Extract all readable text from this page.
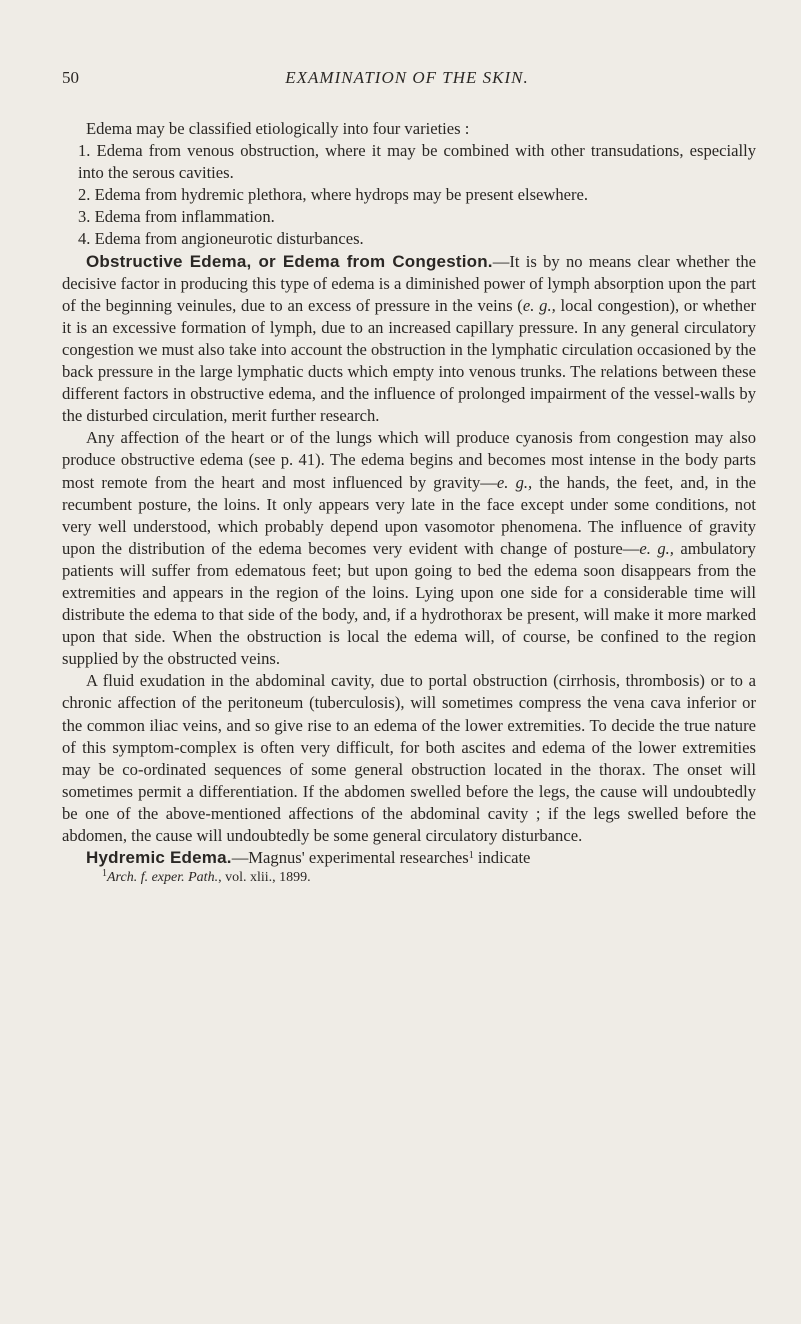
50	EXAMINATION OF THE SKIN.

Edema may be classified etiologically into four varieties :

1. Edema from venous obstruction, where it may be combined with other transudations, especially into the serous cavities.

2. Edema from hydremic plethora, where hydrops may be present elsewhere.

3. Edema from inflammation.

4. Edema from angioneurotic disturbances.

Obstructive Edema, or Edema from Congestion.—It is by no means clear whether the decisive factor in producing this type of edema is a diminished power of lymph absorption upon the part of the beginning veinules, due to an excess of pressure in the veins (e. g., local congestion), or whether it is an excessive formation of lymph, due to an increased capillary pressure. In any general circulatory congestion we must also take into account the obstruction in the lymphatic circulation occasioned by the back pressure in the large lymphatic ducts which empty into venous trunks. The relations between these different factors in obstructive edema, and the influence of prolonged impairment of the vessel-walls by the disturbed circulation, merit further research.

Any affection of the heart or of the lungs which will produce cyanosis from congestion may also produce obstructive edema (see p. 41). The edema begins and becomes most intense in the body parts most remote from the heart and most influenced by gravity—e. g., the hands, the feet, and, in the recumbent posture, the loins. It only appears very late in the face except under some conditions, not very well understood, which probably depend upon vasomotor phenomena. The influence of gravity upon the distribution of the edema becomes very evident with change of posture—e. g., ambulatory patients will suffer from edematous feet; but upon going to bed the edema soon disappears from the extremities and appears in the region of the loins. Lying upon one side for a considerable time will distribute the edema to that side of the body, and, if a hydrothorax be present, will make it more marked upon that side. When the obstruction is local the edema will, of course, be confined to the region supplied by the obstructed veins.

A fluid exudation in the abdominal cavity, due to portal obstruction (cirrhosis, thrombosis) or to a chronic affection of the peritoneum (tuberculosis), will sometimes compress the vena cava inferior or the common iliac veins, and so give rise to an edema of the lower extremities. To decide the true nature of this symptom-complex is often very difficult, for both ascites and edema of the lower extremities may be co-ordinated sequences of some general obstruction located in the thorax. The onset will sometimes permit a differentiation. If the abdomen swelled before the legs, the cause will undoubtedly be one of the above-mentioned affections of the abdominal cavity ; if the legs swelled before the abdomen, the cause will undoubtedly be some general circulatory disturbance.

Hydremic Edema.—Magnus' experimental researches$^1$ indicate

$^1$Arch. f. exper. Path., vol. xlii., 1899.
